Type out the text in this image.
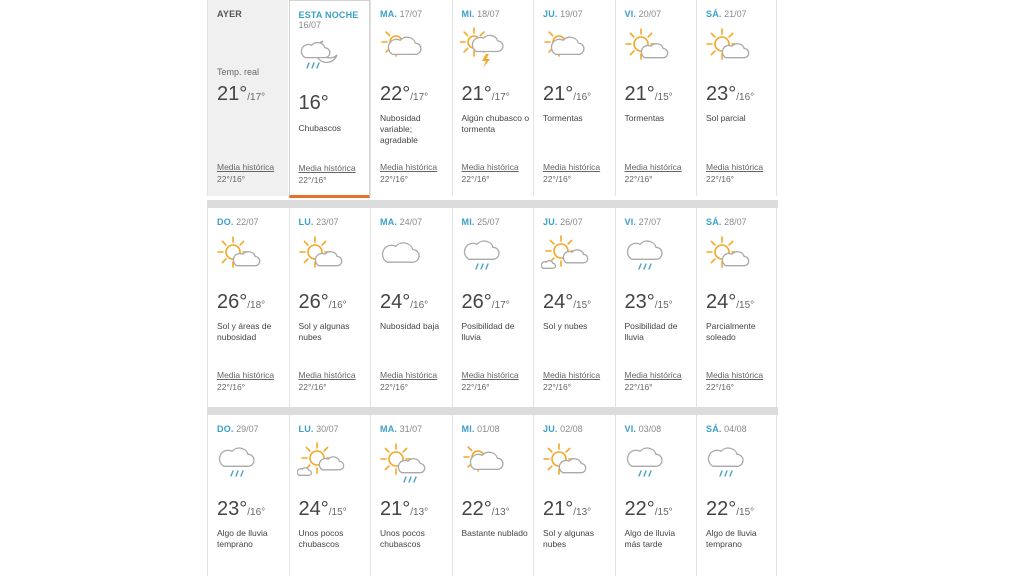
AYER
Temp. real
21°/17°
Media histórica
22°/16°
ESTA NOCHE
16/07
16°
Chubascos
Media histórica
22°/16°
MA. 17/07
22°/17°
Nubosidad variable; agradable
Media histórica
22°/16°
MI. 18/07
21°/17°
Algún chubasco o tormenta
Media histórica
22°/16°
JU. 19/07
21°/16°
Tormentas
Media histórica
22°/16°
VI. 20/07
21°/15°
Tormentas
Media histórica
22°/16°
SÁ. 21/07
23°/16°
Sol parcial
Media histórica
22°/16°
DO. 22/07
26°/18°
Sol y áreas de nubosidad
Media histórica
22°/16°
LU. 23/07
26°/16°
Sol y algunas nubes
Media histórica
22°/16°
MA. 24/07
24°/16°
Nubosidad baja
Media histórica
22°/16°
MI. 25/07
26°/17°
Posibilidad de lluvia
Media histórica
22°/16°
JU. 26/07
24°/15°
Sol y nubes
Media histórica
22°/16°
VI. 27/07
23°/15°
Posibilidad de lluvia
Media histórica
22°/16°
SÁ. 28/07
24°/15°
Parcialmente soleado
Media histórica
22°/16°
DO. 29/07
23°/16°
Algo de lluvia temprano
LU. 30/07
24°/15°
Unos pocos chubascos
MA. 31/07
21°/13°
Unos pocos chubascos
MI. 01/08
22°/13°
Bastante nublado
JU. 02/08
21°/13°
Sol y algunas nubes
VI. 03/08
22°/15°
Algo de lluvia más tarde
SÁ. 04/08
22°/15°
Algo de lluvia temprano
